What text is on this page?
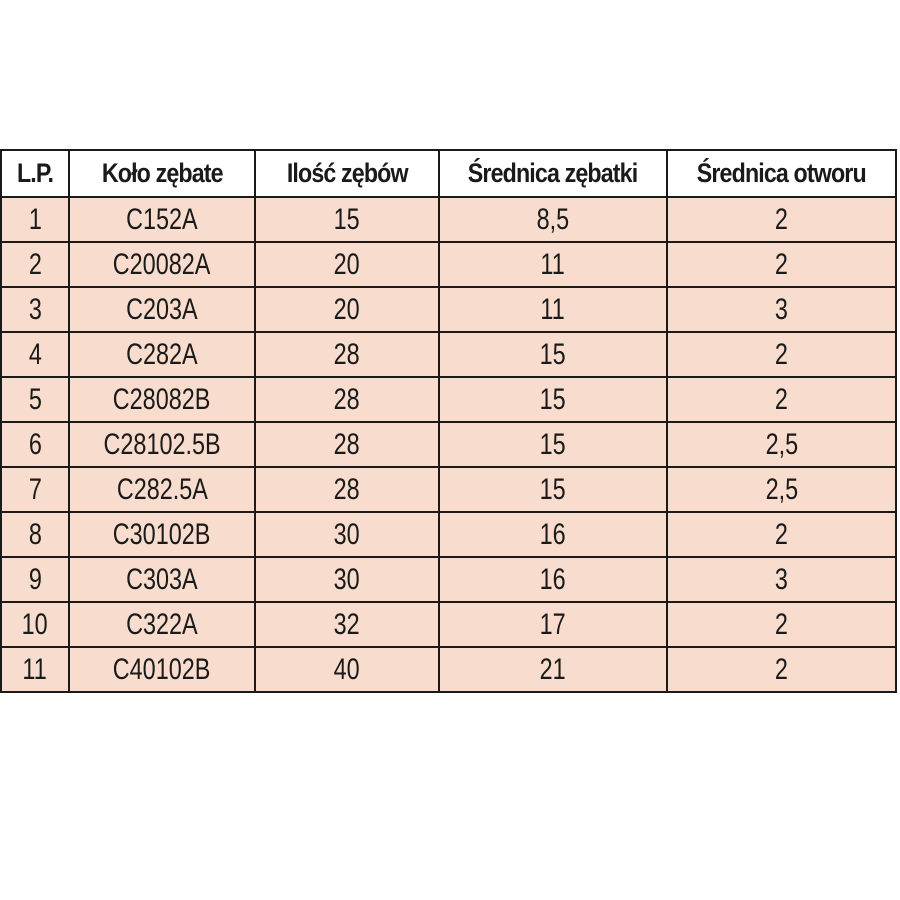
L.P.	Koło zębate	Ilość zębów	Średnica zębatki	Średnica otworu
1	C152A	15	8,5	2
2	C20082A	20	11	2
3	C203A	20	11	3
4	C282A	28	15	2
5	C28082B	28	15	2
6	C28102.5B	28	15	2,5
7	C282.5A	28	15	2,5
8	C30102B	30	16	2
9	C303A	30	16	3
10	C322A	32	17	2
11	C40102B	40	21	2
